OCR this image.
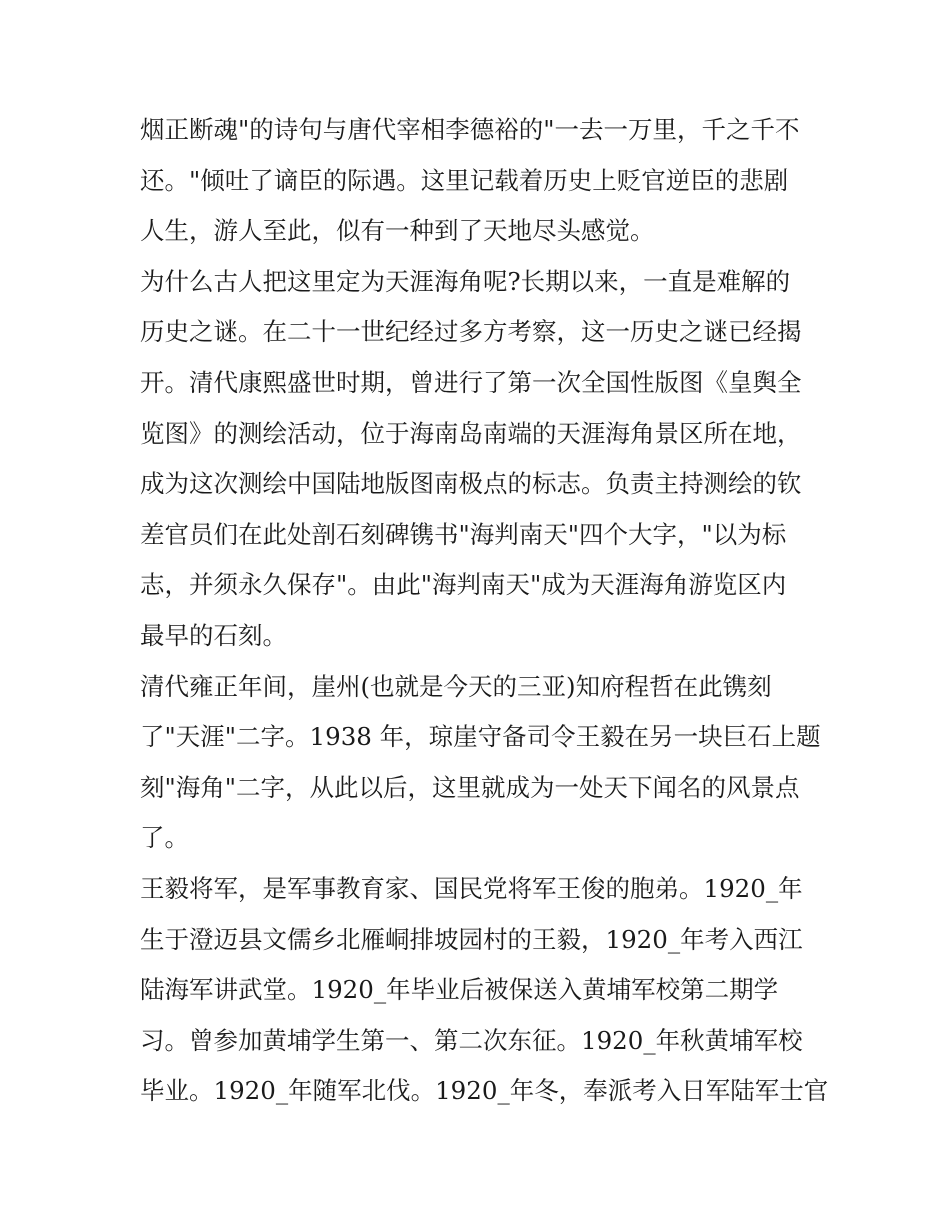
烟正断魂"的诗句与唐代宰相李德裕的"一去一万里，千之千不
还。"倾吐了谪臣的际遇。这里记载着历史上贬官逆臣的悲剧
人生，游人至此，似有一种到了天地尽头感觉。
为什么古人把这里定为天涯海角呢?长期以来，一直是难解的
历史之谜。在二十一世纪经过多方考察，这一历史之谜已经揭
开。清代康熙盛世时期，曾进行了第一次全国性版图《皇舆全
览图》的测绘活动，位于海南岛南端的天涯海角景区所在地，
成为这次测绘中国陆地版图南极点的标志。负责主持测绘的钦
差官员们在此处剖石刻碑镌书"海判南天"四个大字，"以为标
志，并须永久保存"。由此"海判南天"成为天涯海角游览区内
最早的石刻。
清代雍正年间，崖州(也就是今天的三亚)知府程哲在此镌刻
了"天涯"二字。1938 年，琼崖守备司令王毅在另一块巨石上题
刻"海角"二字，从此以后，这里就成为一处天下闻名的风景点
了。
王毅将军，是军事教育家、国民党将军王俊的胞弟。1920_年
生于澄迈县文儒乡北雁峒排坡园村的王毅，1920_年考入西江
陆海军讲武堂。1920_年毕业后被保送入黄埔军校第二期学
习。曾参加黄埔学生第一、第二次东征。1920_年秋黄埔军校
毕业。1920_年随军北伐。1920_年冬，奉派考入日军陆军士官
